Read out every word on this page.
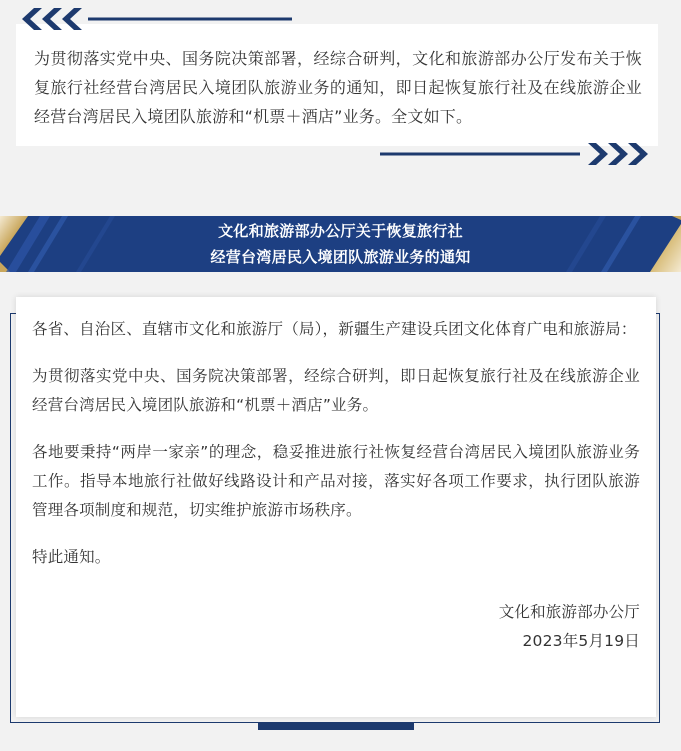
为贯彻落实党中央、国务院决策部署，经综合研判，文化和旅游部办公厅发布关于恢复旅行社经营台湾居民入境团队旅游业务的通知，即日起恢复旅行社及在线旅游企业经营台湾居民入境团队旅游和“机票＋酒店”业务。全文如下。

文化和旅游部办公厅关于恢复旅行社
经营台湾居民入境团队旅游业务的通知

各省、自治区、直辖市文化和旅游厅（局），新疆生产建设兵团文化体育广电和旅游局：

为贯彻落实党中央、国务院决策部署，经综合研判，即日起恢复旅行社及在线旅游企业经营台湾居民入境团队旅游和“机票＋酒店”业务。

各地要秉持“两岸一家亲”的理念，稳妥推进旅行社恢复经营台湾居民入境团队旅游业务工作。指导本地旅行社做好线路设计和产品对接，落实好各项工作要求，执行团队旅游管理各项制度和规范，切实维护旅游市场秩序。

特此通知。

文化和旅游部办公厅

2023年5月19日
